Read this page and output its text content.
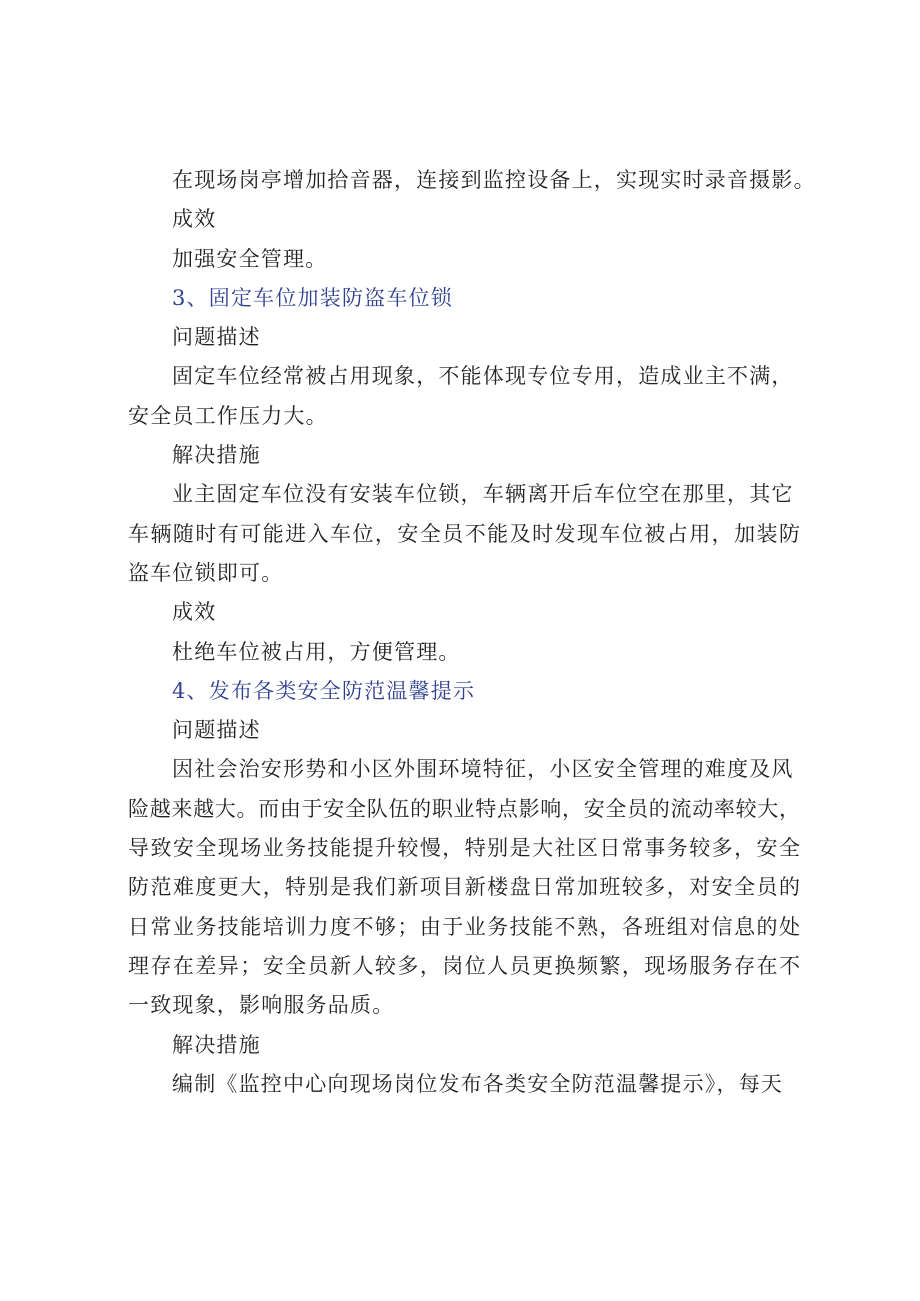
在现场岗亭增加拾音器，连接到监控设备上，实现实时录音摄影。
成效
加强安全管理。
3、固定车位加装防盗车位锁
问题描述
固定车位经常被占用现象，不能体现专位专用，造成业主不满，
安全员工作压力大。
解决措施
业主固定车位没有安装车位锁，车辆离开后车位空在那里，其它
车辆随时有可能进入车位，安全员不能及时发现车位被占用，加装防
盗车位锁即可。
成效
杜绝车位被占用，方便管理。
4、发布各类安全防范温馨提示
问题描述
因社会治安形势和小区外围环境特征，小区安全管理的难度及风
险越来越大。而由于安全队伍的职业特点影响，安全员的流动率较大，
导致安全现场业务技能提升较慢，特别是大社区日常事务较多，安全
防范难度更大，特别是我们新项目新楼盘日常加班较多，对安全员的
日常业务技能培训力度不够；由于业务技能不熟，各班组对信息的处
理存在差异；安全员新人较多，岗位人员更换频繁，现场服务存在不
一致现象，影响服务品质。
解决措施
编制《监控中心向现场岗位发布各类安全防范温馨提示》，每天
